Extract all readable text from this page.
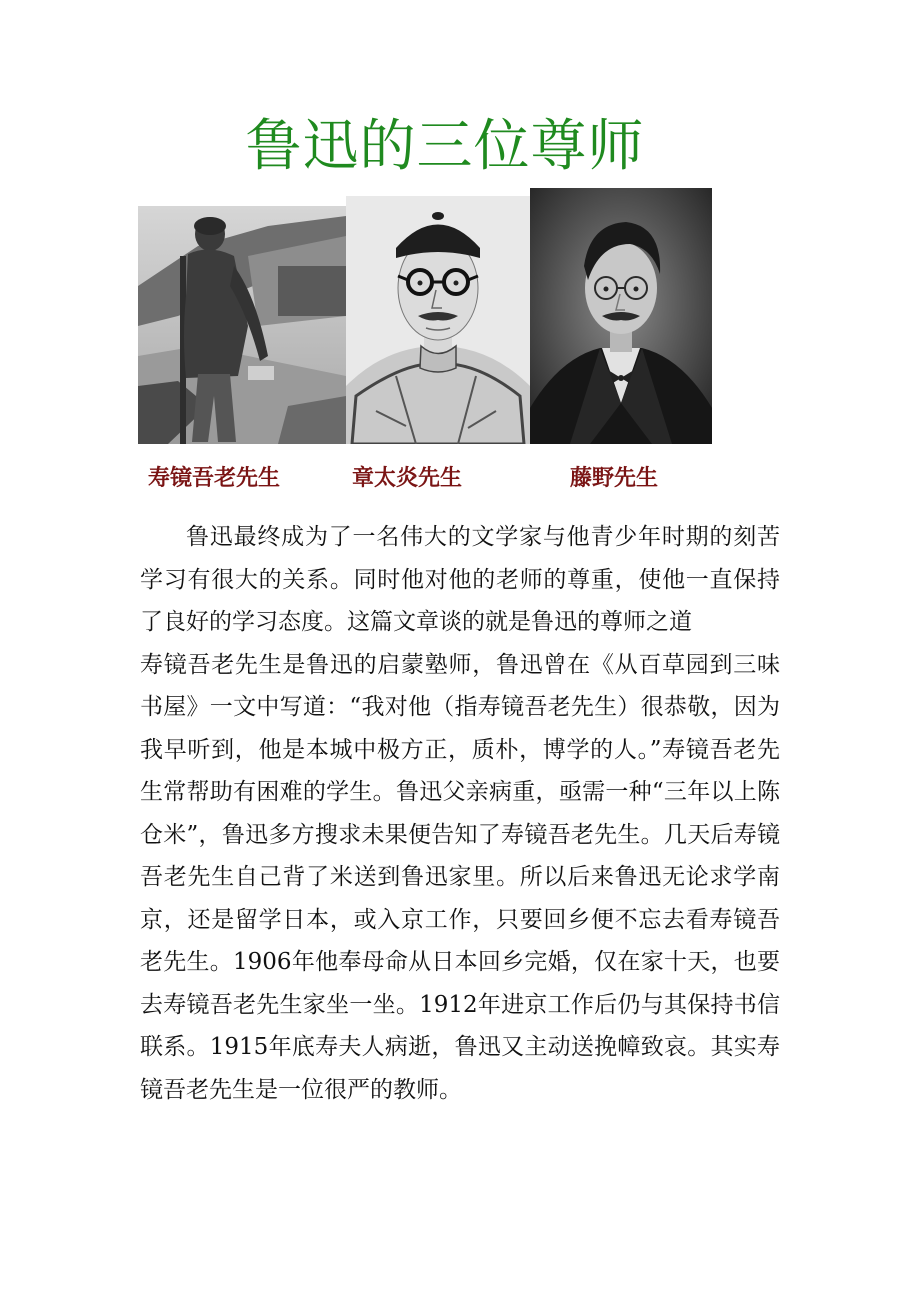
鲁迅的三位尊师
寿镜吾老先生	章太炎先生	藤野先生

鲁迅最终成为了一名伟大的文学家与他青少年时期的刻苦学习有很大的关系。同时他对他的老师的尊重，使他一直保持了良好的学习态度。这篇文章谈的就是鲁迅的尊师之道

寿镜吾老先生是鲁迅的启蒙塾师，鲁迅曾在《从百草园到三味书屋》一文中写道：“我对他（指寿镜吾老先生）很恭敬，因为我早听到，他是本城中极方正，质朴，博学的人。”寿镜吾老先生常帮助有困难的学生。鲁迅父亲病重，亟需一种“三年以上陈仓米”，鲁迅多方搜求未果便告知了寿镜吾老先生。几天后寿镜吾老先生自己背了米送到鲁迅家里。所以后来鲁迅无论求学南京，还是留学日本，或入京工作，只要回乡便不忘去看寿镜吾老先生。1906年他奉母命从日本回乡完婚，仅在家十天，也要去寿镜吾老先生家坐一坐。1912年进京工作后仍与其保持书信联系。1915年底寿夫人病逝，鲁迅又主动送挽幛致哀。其实寿镜吾老先生是一位很严的教师。
